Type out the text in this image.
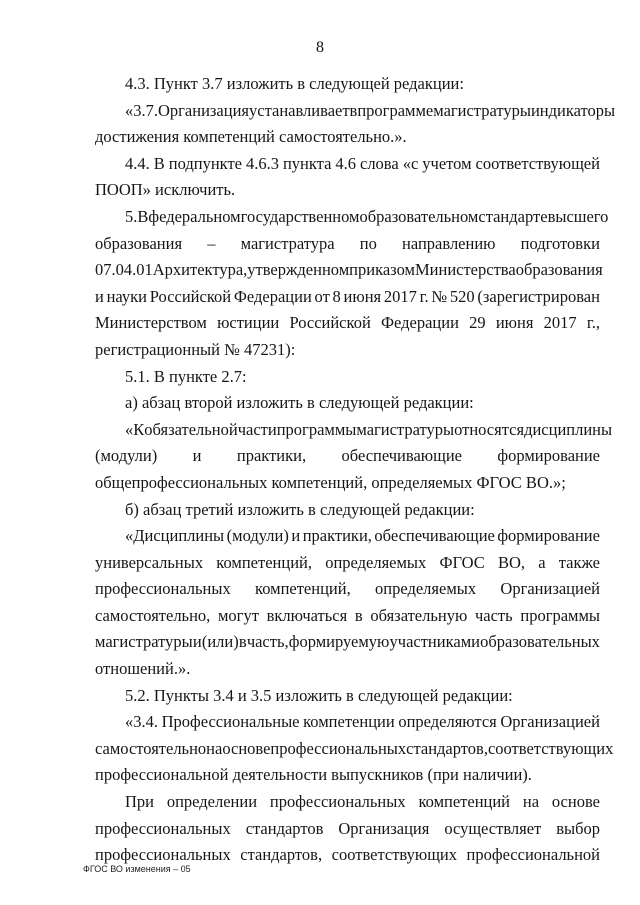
8
4.3. Пункт 3.7 изложить в следующей редакции:
«3.7. Организация устанавливает в программе магистратуры индикаторы
достижения компетенций самостоятельно.».
4.4. В подпункте 4.6.3 пункта 4.6 слова «с учетом соответствующей
ПООП» исключить.
5. В федеральном государственном образовательном стандарте высшего
образования – магистратура по направлению подготовки
07.04.01 Архитектура, утвержденном приказом Министерства образования
и науки Российской Федерации от 8 июня 2017 г. № 520 (зарегистрирован
Министерством юстиции Российской Федерации 29 июня 2017 г.,
регистрационный № 47231):
5.1. В пункте 2.7:
а) абзац второй изложить в следующей редакции:
«К обязательной части программы магистратуры относятся дисциплины
(модули) и практики, обеспечивающие формирование
общепрофессиональных компетенций, определяемых ФГОС ВО.»;
б) абзац третий изложить в следующей редакции:
«Дисциплины (модули) и практики, обеспечивающие формирование
универсальных компетенций, определяемых ФГОС ВО, а также
профессиональных компетенций, определяемых Организацией
самостоятельно, могут включаться в обязательную часть программы
магистратуры и (или) в часть, формируемую участниками образовательных
отношений.».
5.2. Пункты 3.4 и 3.5 изложить в следующей редакции:
«3.4. Профессиональные компетенции определяются Организацией
самостоятельно на основе профессиональных стандартов, соответствующих
профессиональной деятельности выпускников (при наличии).
При определении профессиональных компетенций на основе
профессиональных стандартов Организация осуществляет выбор
профессиональных стандартов, соответствующих профессиональной
ФГОС ВО изменения – 05
